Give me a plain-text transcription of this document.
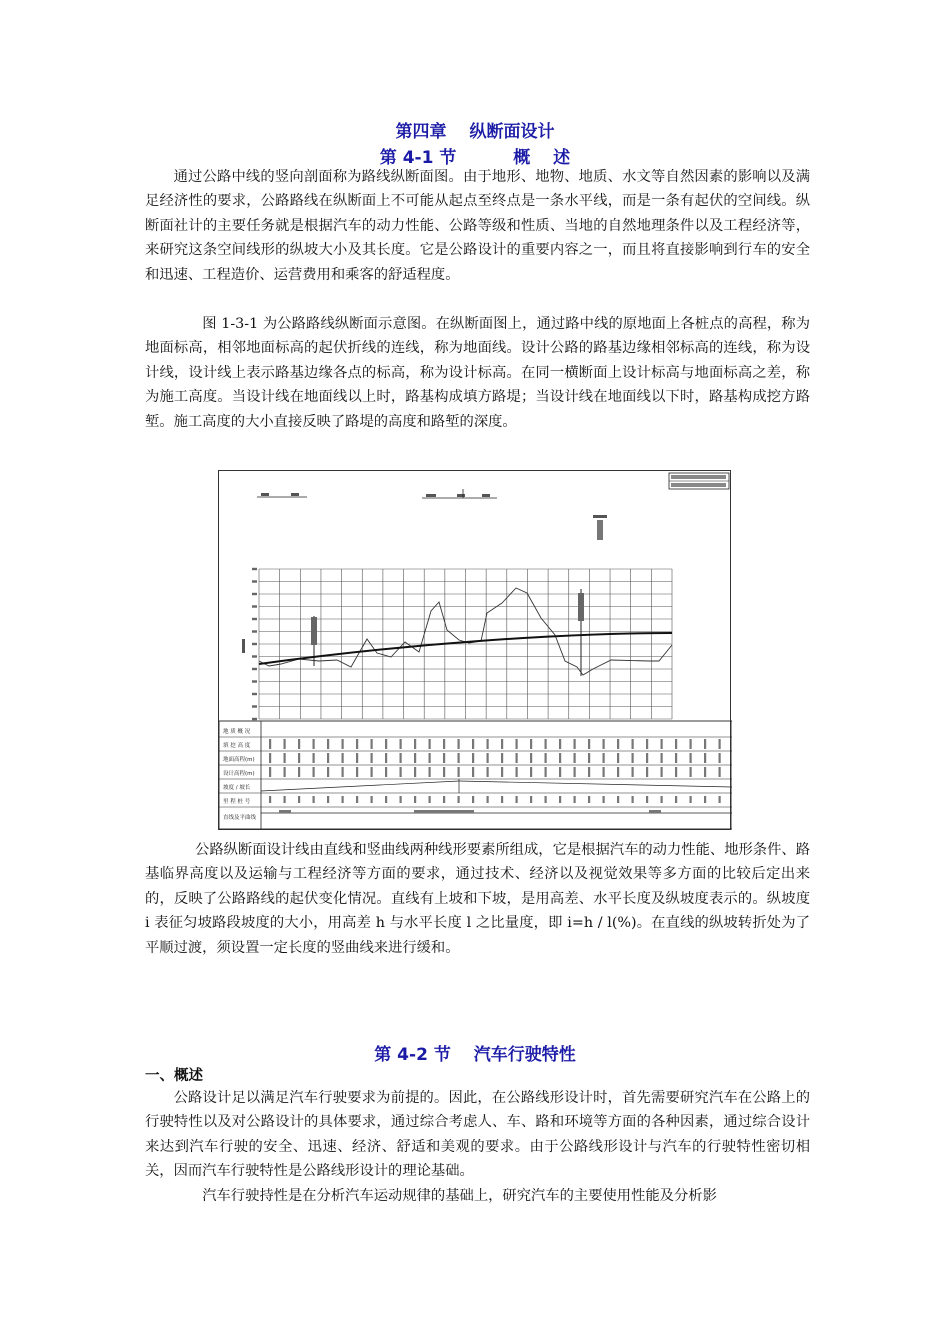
第四章　 纵断面设计
第 4-1 节　　　 概　 述

通过公路中线的竖向剖面称为路线纵断面图。由于地形、地物、地质、水文等自然因素的影响以及满足经济性的要求，公路路线在纵断面上不可能从起点至终点是一条水平线，而是一条有起伏的空间线。纵断面社计的主要任务就是根据汽车的动力性能、公路等级和性质、当地的自然地理条件以及工程经济等，来研究这条空间线形的纵坡大小及其长度。它是公路设计的重要内容之一，而且将直接影响到行车的安全和迅速、工程造价、运营费用和乘客的舒适程度。

图 1-3-1 为公路路线纵断面示意图。在纵断面图上，通过路中线的原地面上各桩点的高程，称为地面标高，相邻地面标高的起伏折线的连线，称为地面线。设计公路的路基边缘相邻标高的连线，称为设计线，设计线上表示路基边缘各点的标高，称为设计标高。在同一横断面上设计标高与地面标高之差，称为施工高度。当设计线在地面线以上时，路基构成填方路堤；当设计线在地面线以下时，路基构成挖方路堑。施工高度的大小直接反映了路堤的高度和路堑的深度。

地 质 概 况
填 挖 高 度
地面高程(m)
设计高程(m)
坡度 / 坡长
里 程 桩 号
直线及平曲线

公路纵断面设计线由直线和竖曲线两种线形要素所组成，它是根据汽车的动力性能、地形条件、路基临界高度以及运输与工程经济等方面的要求，通过技术、经济以及视觉效果等多方面的比较后定出来的，反映了公路路线的起伏变化情况。直线有上坡和下坡，是用高差、水平长度及纵坡度表示的。纵坡度 i 表征匀坡路段坡度的大小，用高差 h 与水平长度 l 之比量度，即 i=h / l(%)。在直线的纵坡转折处为了平顺过渡，须设置一定长度的竖曲线来进行缓和。

第 4-2 节　 汽车行驶特性
一、概述

公路设计足以满足汽车行驶要求为前提的。因此，在公路线形设计时，首先需要研究汽车在公路上的行驶特性以及对公路设计的具体要求，通过综合考虑人、车、路和环境等方面的各种因素，通过综合设计来达到汽车行驶的安全、迅速、经济、舒适和美观的要求。由于公路线形设计与汽车的行驶特性密切相关，因而汽车行驶特性是公路线形设计的理论基础。

汽车行驶持性是在分析汽车运动规律的基础上，研究汽车的主要使用性能及分析影
